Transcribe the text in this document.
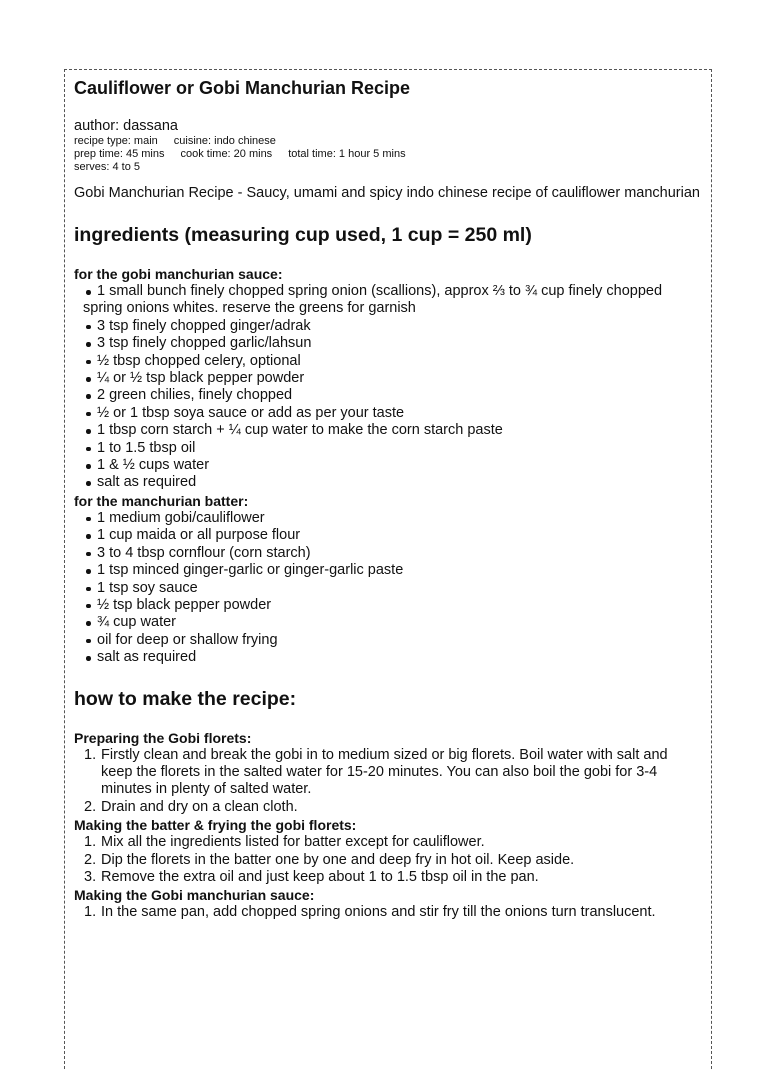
Cauliflower or Gobi Manchurian Recipe

author: dassana

recipe type: main cuisine: indo chinese

prep time: 45 mins cook time: 20 mins total time: 1 hour 5 mins

serves: 4 to 5

Gobi Manchurian Recipe - Saucy, umami and spicy indo chinese recipe of cauliflower manchurian

ingredients (measuring cup used, 1 cup = 250 ml)
for the gobi manchurian sauce:
1 small bunch finely chopped spring onion (scallions), approx ⅔ to ¾ cup finely chopped spring onions whites. reserve the greens for garnish
3 tsp finely chopped ginger/adrak
3 tsp finely chopped garlic/lahsun
½ tbsp chopped celery, optional
¼ or ½ tsp black pepper powder
2 green chilies, finely chopped
½ or 1 tbsp soya sauce or add as per your taste
1 tbsp corn starch + ¼ cup water to make the corn starch paste
1 to 1.5 tbsp oil
1 & ½ cups water
salt as required
for the manchurian batter:
1 medium gobi/cauliflower
1 cup maida or all purpose flour
3 to 4 tbsp cornflour (corn starch)
1 tsp minced ginger-garlic or ginger-garlic paste
1 tsp soy sauce
½ tsp black pepper powder
¾ cup water
oil for deep or shallow frying
salt as required
how to make the recipe:
Preparing the Gobi florets:
Firstly clean and break the gobi in to medium sized or big florets. Boil water with salt and keep the florets in the salted water for 15-20 minutes. You can also boil the gobi for 3-4 minutes in plenty of salted water.
Drain and dry on a clean cloth.
Making the batter & frying the gobi florets:
Mix all the ingredients listed for batter except for cauliflower.
Dip the florets in the batter one by one and deep fry in hot oil. Keep aside.
Remove the extra oil and just keep about 1 to 1.5 tbsp oil in the pan.
Making the Gobi manchurian sauce:
In the same pan, add chopped spring onions and stir fry till the onions turn translucent.
